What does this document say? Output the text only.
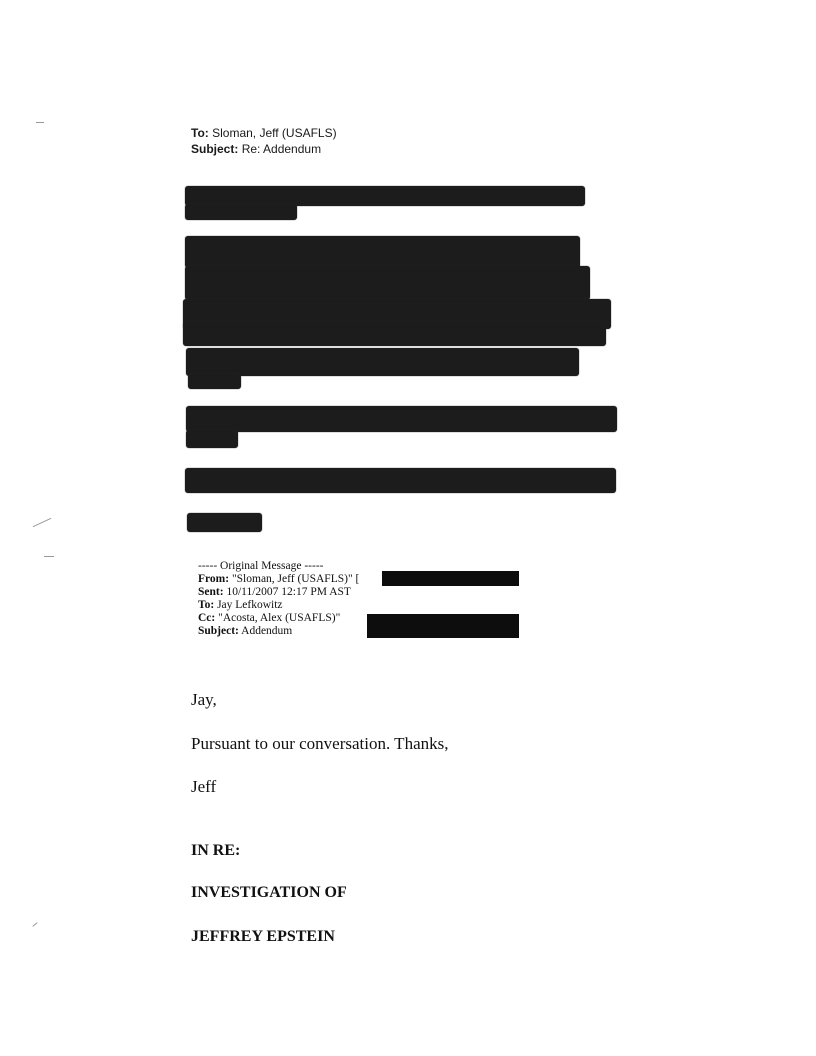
To: Sloman, Jeff (USAFLS)
Subject: Re: Addendum
----- Original Message -----
From: "Sloman, Jeff (USAFLS)" [
Sent: 10/11/2007 12:17 PM AST
To: Jay Lefkowitz
Cc: "Acosta, Alex (USAFLS)"
Subject: Addendum
Jay,
Pursuant to our conversation. Thanks,
Jeff
IN RE:
INVESTIGATION OF
JEFFREY EPSTEIN
